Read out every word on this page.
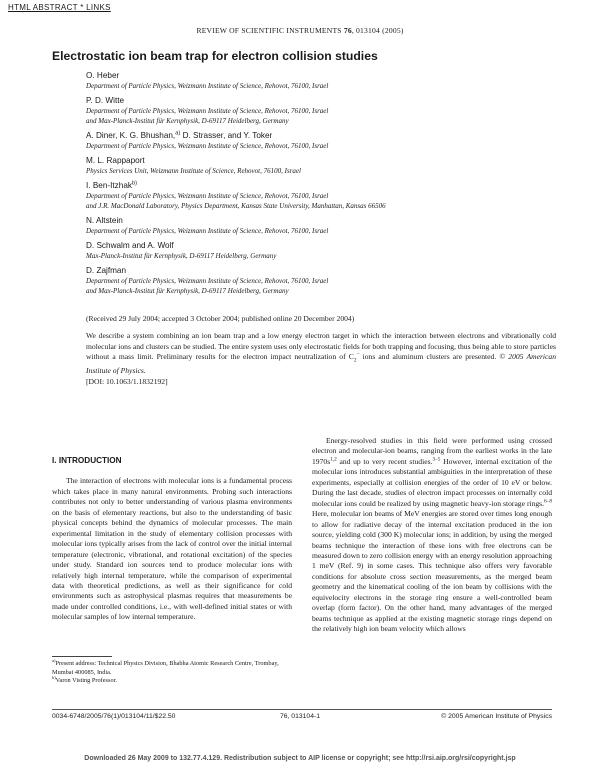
HTML ABSTRACT * LINKS
REVIEW OF SCIENTIFIC INSTRUMENTS 76, 013104 (2005)
Electrostatic ion beam trap for electron collision studies
O. Heber
Department of Particle Physics, Weizmann Institute of Science, Rehovot, 76100, Israel
P. D. Witte
Department of Particle Physics, Weizmann Institute of Science, Rehovot, 76100, Israel
and Max-Planck-Institut für Kernphysik, D-69117 Heidelberg, Germany
A. Diner, K. G. Bhushan,$^{a)}$ D. Strasser, and Y. Toker
Department of Particle Physics, Weizmann Institute of Science, Rehovot, 76100, Israel
M. L. Rappaport
Physics Services Unit, Weizmann Institute of Science, Rehovot, 76100, Israel
I. Ben-Itzhak$^{b)}$
Department of Particle Physics, Weizmann Institute of Science, Rehovot, 76100, Israel
and J.R. MacDonald Laboratory, Physics Department, Kansas State University, Manhattan, Kansas 66506
N. Altstein
Department of Particle Physics, Weizmann Institute of Science, Rehovot, 76100, Israel
D. Schwalm and A. Wolf
Max-Planck-Institut für Kernphysik, D-69117 Heidelberg, Germany
D. Zajfman
Department of Particle Physics, Weizmann Institute of Science, Rehovot, 76100, Israel
and Max-Planck-Institut für Kernphysik, D-69117 Heidelberg, Germany
(Received 29 July 2004; accepted 3 October 2004; published online 20 December 2004)
We describe a system combining an ion beam trap and a low energy electron target in which the interaction between electrons and vibrationally cold molecular ions and clusters can be studied. The entire system uses only electrostatic fields for both trapping and focusing, thus being able to store particles without a mass limit. Preliminary results for the electron impact neutralization of $C_2^-$ ions and aluminum clusters are presented. © 2005 American Institute of Physics.
[DOI: 10.1063/1.1832192]
I. INTRODUCTION

The interaction of electrons with molecular ions is a fundamental process which takes place in many natural environments. Probing such interactions contributes not only to better understanding of various plasma environments on the basis of elementary reactions, but also to the understanding of basic physical concepts behind the dynamics of molecular processes. The main experimental limitation in the study of elementary collision processes with molecular ions typically arises from the lack of control over the initial internal temperature (electronic, vibrational, and rotational excitation) of the species under study. Standard ion sources tend to produce molecular ions with relatively high internal temperature, while the comparison of experimental data with theoretical predictions, as well as their significance for cold environments such as astrophysical plasmas requires that measurements be made under controlled conditions, i.e., with well-defined initial states or with molecular samples of low internal temperature.

Energy-resolved studies in this field were performed using crossed electron and molecular-ion beams, ranging from the earliest works in the late $1970s^{1,2}$ and up to very recent studies.$^{3-5}$ However, internal excitation of the molecular ions introduces substantial ambiguities in the interpretation of these experiments, especially at collision energies of the order of 10 eV or below. During the last decade, studies of electron impact processes on internally cold molecular ions could be realized by using magnetic heavy-ion storage rings.$^{6-8}$ Here, molecular ion beams of MeV energies are stored over times long enough to allow for radiative decay of the internal excitation produced in the ion source, yielding cold (300 K) molecular ions; in addition, by using the merged beams technique the interaction of these ions with free electrons can be measured down to zero collision energy with an energy resolution approaching 1 meV (Ref. 9) in some cases. This technique also offers very favorable conditions for absolute cross section measurements, as the merged beam geometry and the kinematical cooling of the ion beam by collisions with the equivelocity electrons in the storage ring ensure a well-controlled beam overlap (form factor). On the other hand, many advantages of the merged beams technique as applied at the existing magnetic storage rings depend on the relatively high ion beam velocity which allows

$^{a)}$Present address: Technical Physics Division, Bhabha Atomic Research Centre, Trombay, Mumbai 400085, India.
$^{b)}$Varon Visting Professor.
0034-6748/2005/76(1)/013104/11/$22.50	76, 013104-1	© 2005 American Institute of Physics
Downloaded 26 May 2009 to 132.77.4.129. Redistribution subject to AIP license or copyright; see http://rsi.aip.org/rsi/copyright.jsp
